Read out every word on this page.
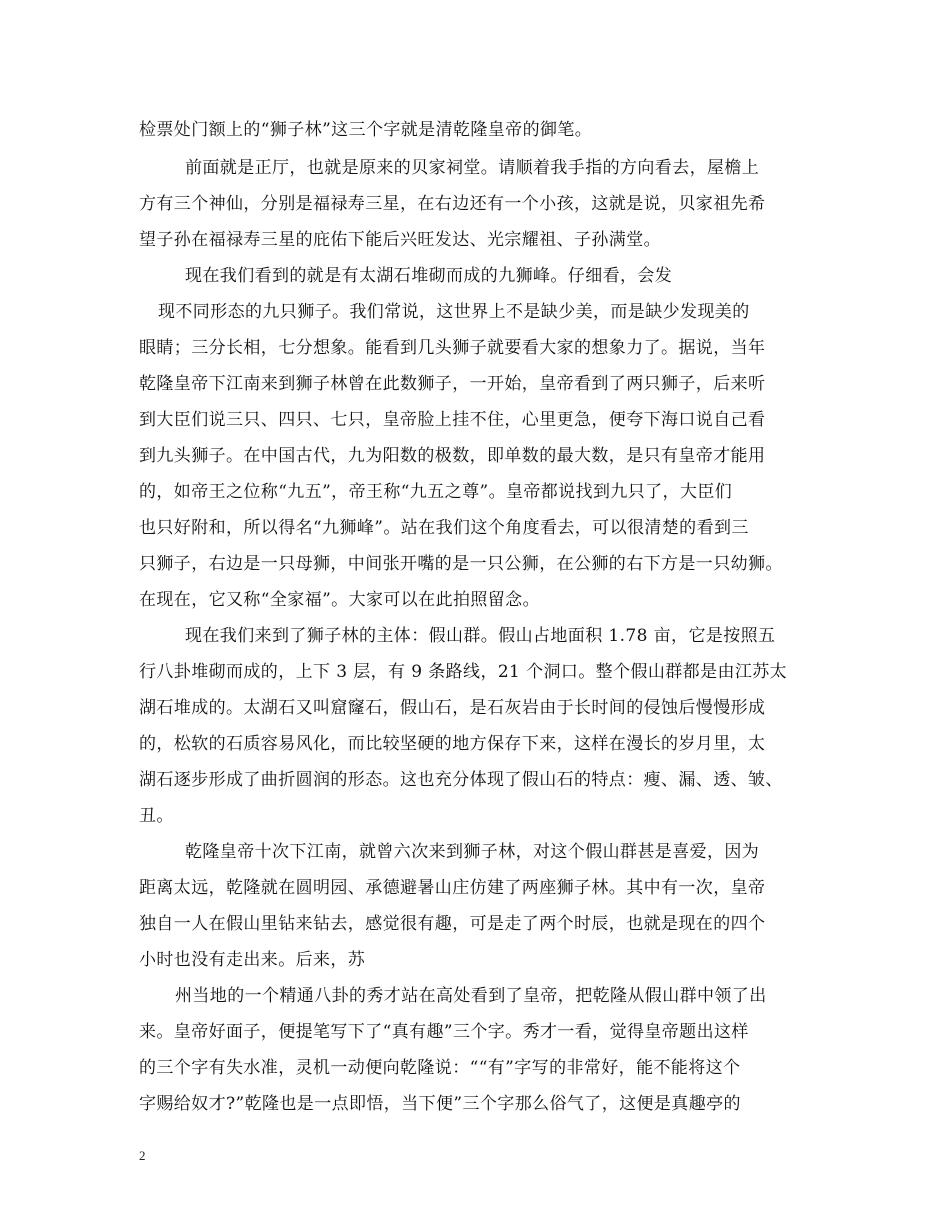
检票处门额上的“狮子林”这三个字就是清乾隆皇帝的御笔。
前面就是正厅，也就是原来的贝家祠堂。请顺着我手指的方向看去，屋檐上
方有三个神仙，分别是福禄寿三星，在右边还有一个小孩，这就是说，贝家祖先希
望子孙在福禄寿三星的庇佑下能后兴旺发达、光宗耀祖、子孙满堂。
现在我们看到的就是有太湖石堆砌而成的九狮峰。仔细看，会发
现不同形态的九只狮子。我们常说，这世界上不是缺少美，而是缺少发现美的
眼睛；三分长相，七分想象。能看到几头狮子就要看大家的想象力了。据说，当年
乾隆皇帝下江南来到狮子林曾在此数狮子，一开始，皇帝看到了两只狮子，后来听
到大臣们说三只、四只、七只，皇帝脸上挂不住，心里更急，便夸下海口说自己看
到九头狮子。在中国古代，九为阳数的极数，即单数的最大数，是只有皇帝才能用
的，如帝王之位称“九五”，帝王称“九五之尊”。皇帝都说找到九只了，大臣们
也只好附和，所以得名“九狮峰”。站在我们这个角度看去，可以很清楚的看到三
只狮子，右边是一只母狮，中间张开嘴的是一只公狮，在公狮的右下方是一只幼狮。
在现在，它又称“全家福”。大家可以在此拍照留念。
现在我们来到了狮子林的主体：假山群。假山占地面积 1.78 亩，它是按照五
行八卦堆砌而成的，上下 3 层，有 9 条路线，21 个洞口。整个假山群都是由江苏太
湖石堆成的。太湖石又叫窟窿石，假山石，是石灰岩由于长时间的侵蚀后慢慢形成
的，松软的石质容易风化，而比较坚硬的地方保存下来，这样在漫长的岁月里，太
湖石逐步形成了曲折圆润的形态。这也充分体现了假山石的特点：瘦、漏、透、皱、
丑。
乾隆皇帝十次下江南，就曾六次来到狮子林，对这个假山群甚是喜爱，因为
距离太远，乾隆就在圆明园、承德避暑山庄仿建了两座狮子林。其中有一次，皇帝
独自一人在假山里钻来钻去，感觉很有趣，可是走了两个时辰，也就是现在的四个
小时也没有走出来。后来，苏
州当地的一个精通八卦的秀才站在高处看到了皇帝，把乾隆从假山群中领了出
来。皇帝好面子，便提笔写下了“真有趣”三个字。秀才一看，觉得皇帝题出这样
的三个字有失水准，灵机一动便向乾隆说：““有”字写的非常好，能不能将这个
字赐给奴才?”乾隆也是一点即悟，当下便”三个字那么俗气了，这便是真趣亭的
2
